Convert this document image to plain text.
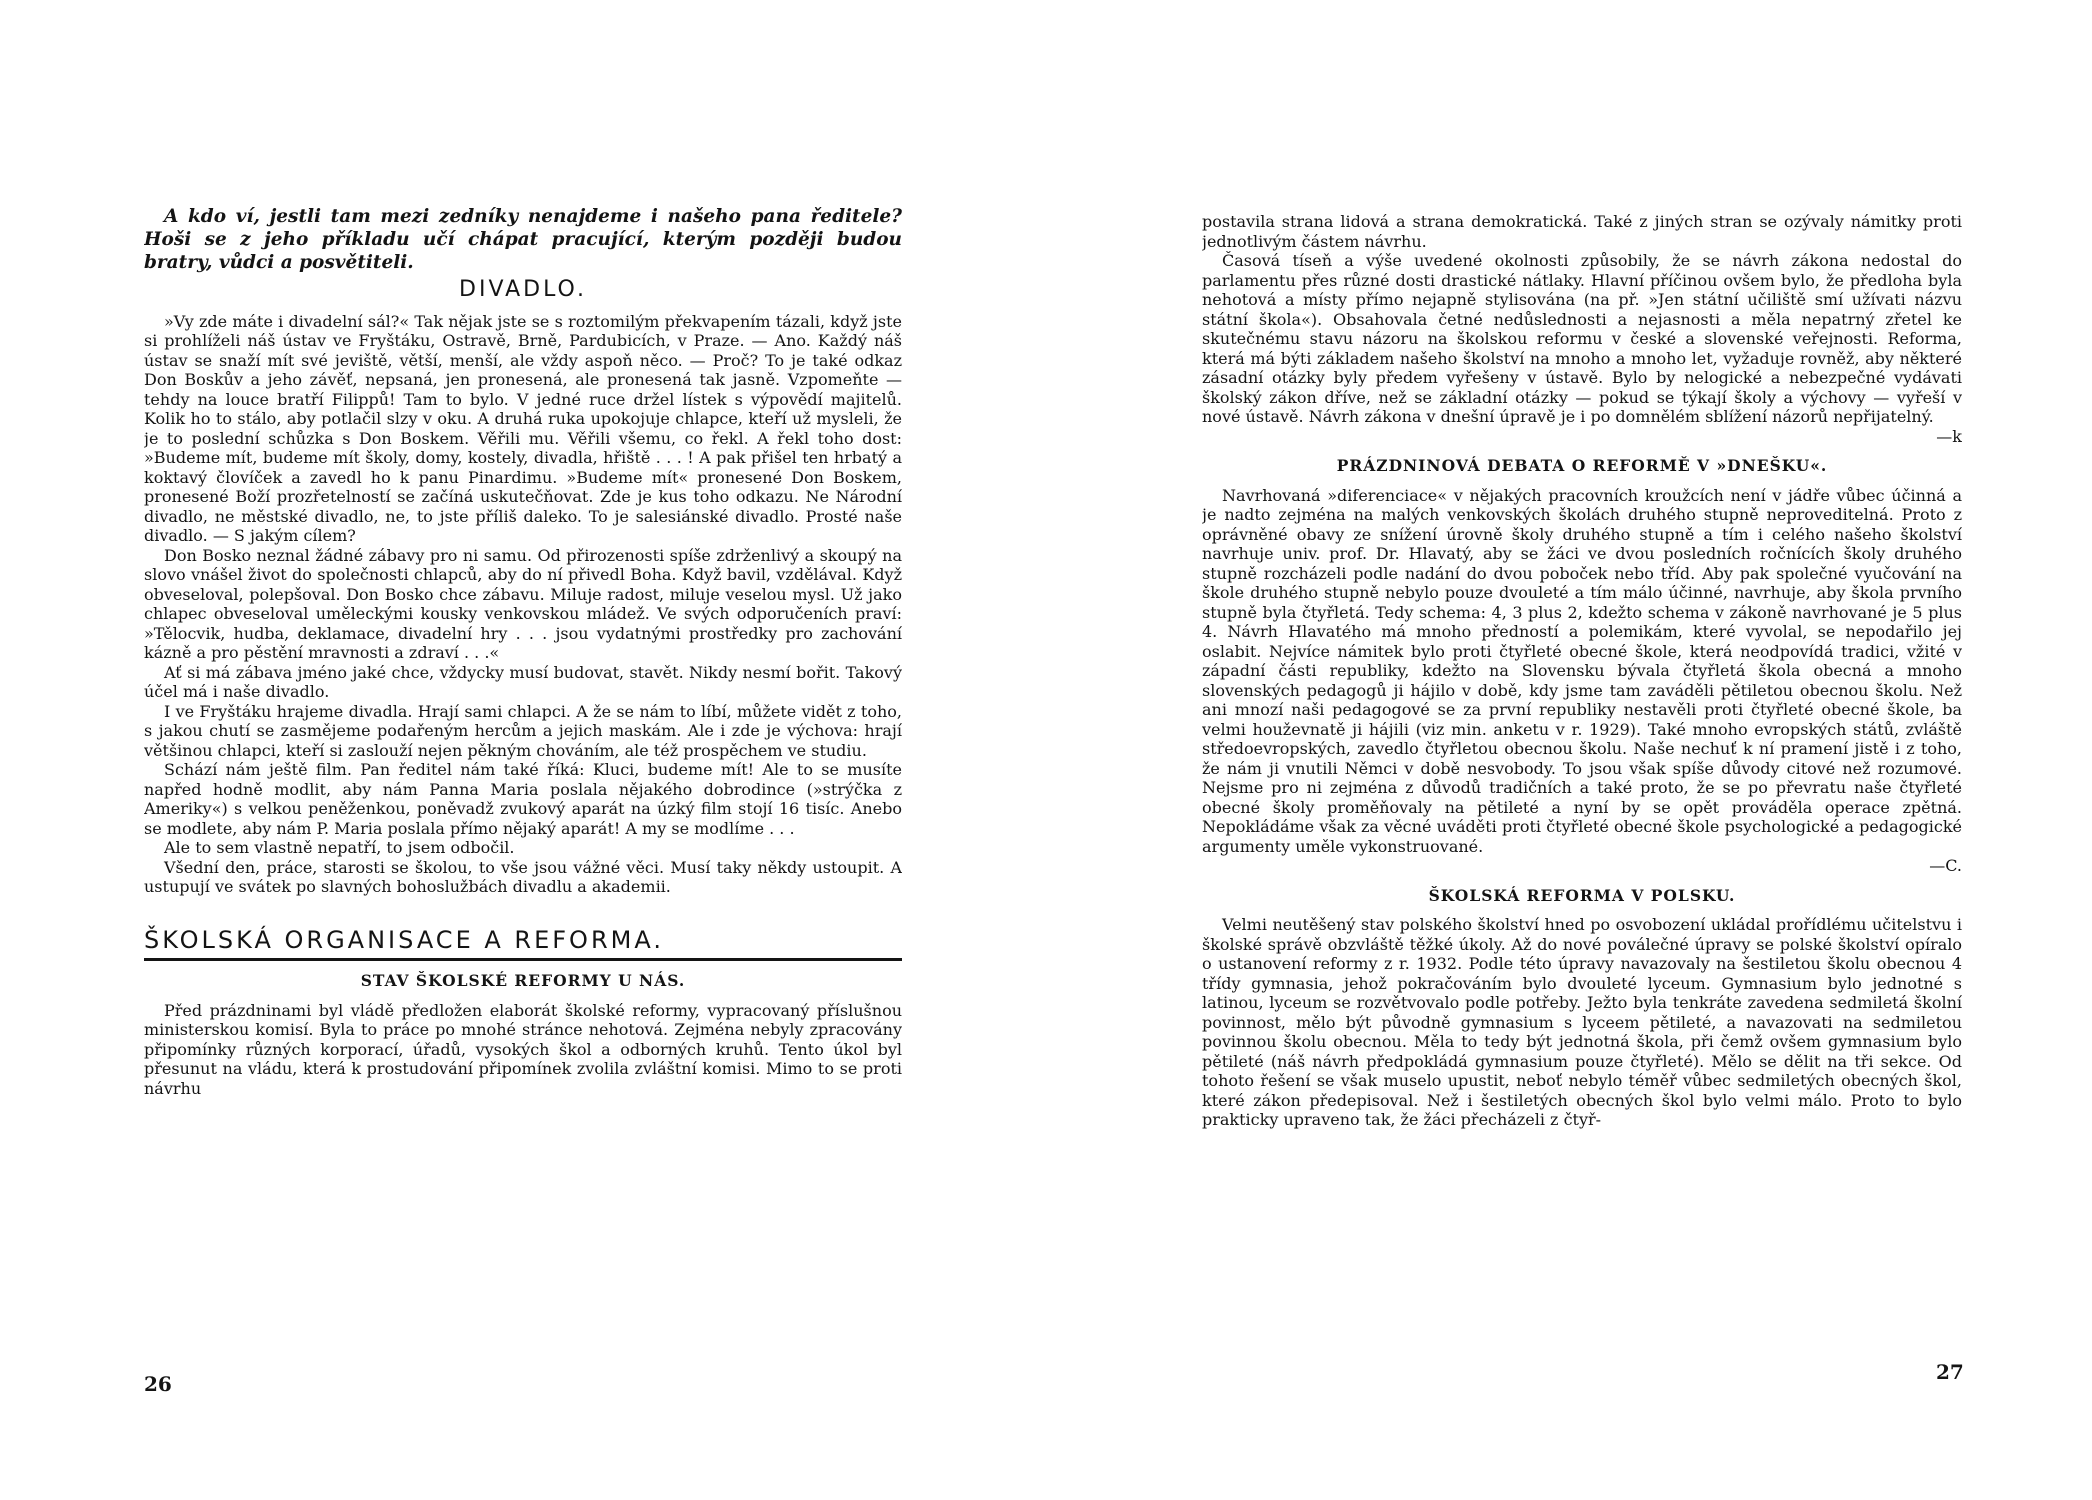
A kdo ví, jestli tam mezi zedníky nenajdeme i našeho pana ředitele? Hoši se z jeho příkladu učí chápat pracující, kterým později budou bratry, vůdci a posvětiteli.

DIVADLO.

»Vy zde máte i divadelní sál?« Tak nějak jste se s roztomilým překvapením tázali, když jste si prohlíželi náš ústav ve Fryštáku, Ostravě, Brně, Pardubicích, v Praze. — Ano. Každý náš ústav se snaží mít své jeviště, větší, menší, ale vždy aspoň něco. — Proč? To je také odkaz Don Boskův a jeho závěť, nepsaná, jen pronesená, ale pronesená tak jasně. Vzpomeňte — tehdy na louce bratří Filippů! Tam to bylo. V jedné ruce držel lístek s výpovědí majitelů. Kolik ho to stálo, aby potlačil slzy v oku. A druhá ruka upokojuje chlapce, kteří už mysleli, že je to poslední schůzka s Don Boskem. Věřili mu. Věřili všemu, co řekl. A řekl toho dost: »Budeme mít, budeme mít školy, domy, kostely, divadla, hřiště . . . ! A pak přišel ten hrbatý a koktavý človíček a zavedl ho k panu Pinardimu. »Budeme mít« pronesené Don Boskem, pronesené Boží prozřetelností se začíná uskutečňovat. Zde je kus toho odkazu. Ne Národní divadlo, ne městské divadlo, ne, to jste příliš daleko. To je salesiánské divadlo. Prosté naše divadlo. — S jakým cílem?

Don Bosko neznal žádné zábavy pro ni samu. Od přirozenosti spíše zdrženlivý a skoupý na slovo vnášel život do společnosti chlapců, aby do ní přivedl Boha. Když bavil, vzdělával. Když obveseloval, polepšoval. Don Bosko chce zábavu. Miluje radost, miluje veselou mysl. Už jako chlapec obveseloval uměleckými kousky venkovskou mládež. Ve svých odporučeních praví: »Tělocvik, hudba, deklamace, divadelní hry . . . jsou vydatnými prostředky pro zachování kázně a pro pěstění mravnosti a zdraví . . .«

Ať si má zábava jméno jaké chce, vždycky musí budovat, stavět. Nikdy nesmí bořit. Takový účel má i naše divadlo.

I ve Fryštáku hrajeme divadla. Hrají sami chlapci. A že se nám to líbí, můžete vidět z toho, s jakou chutí se zasmějeme podařeným hercům a jejich maskám. Ale i zde je výchova: hrají většinou chlapci, kteří si zaslouží nejen pěkným chováním, ale též prospěchem ve studiu.

Schází nám ještě film. Pan ředitel nám také říká: Kluci, budeme mít! Ale to se musíte napřed hodně modlit, aby nám Panna Maria poslala nějakého dobrodince (»strýčka z Ameriky«) s velkou peněženkou, poněvadž zvukový aparát na úzký film stojí 16 tisíc. Anebo se modlete, aby nám P. Maria poslala přímo nějaký aparát! A my se modlíme . . .

Ale to sem vlastně nepatří, to jsem odbočil.

Všední den, práce, starosti se školou, to vše jsou vážné věci. Musí taky někdy ustoupit. A ustupují ve svátek po slavných bohoslužbách divadlu a akademii.

ŠKOLSKÁ ORGANISACE A REFORMA.
STAV ŠKOLSKÉ REFORMY U NÁS.

Před prázdninami byl vládě předložen elaborát školské reformy, vypracovaný příslušnou ministerskou komisí. Byla to práce po mnohé stránce nehotová. Zejména nebyly zpracovány připomínky různých korporací, úřadů, vysokých škol a odborných kruhů. Tento úkol byl přesunut na vládu, která k prostudování připomínek zvolila zvláštní komisi. Mimo to se proti návrhu

26

postavila strana lidová a strana demokratická. Také z jiných stran se ozývaly námitky proti jednotlivým částem návrhu.

Časová tíseň a výše uvedené okolnosti způsobily, že se návrh zákona nedostal do parlamentu přes různé dosti drastické nátlaky. Hlavní příčinou ovšem bylo, že předloha byla nehotová a místy přímo nejapně stylisována (na př. »Jen státní učiliště smí užívati názvu státní škola«). Obsahovala četné nedůslednosti a nejasnosti a měla nepatrný zřetel ke skutečnému stavu názoru na školskou reformu v české a slovenské veřejnosti. Reforma, která má býti základem našeho školství na mnoho a mnoho let, vyžaduje rovněž, aby některé zásadní otázky byly předem vyřešeny v ústavě. Bylo by nelogické a nebezpečné vydávati školský zákon dříve, než se základní otázky — pokud se týkají školy a výchovy — vyřeší v nové ústavě. Návrh zákona v dnešní úpravě je i po domnělém sblížení názorů nepřijatelný.

—k

PRÁZDNINOVÁ DEBATA O REFORMĚ V »DNEŠKU«.

Navrhovaná »diferenciace« v nějakých pracovních kroužcích není v jádře vůbec účinná a je nadto zejména na malých venkovských školách druhého stupně neproveditelná. Proto z oprávněné obavy ze snížení úrovně školy druhého stupně a tím i celého našeho školství navrhuje univ. prof. Dr. Hlavatý, aby se žáci ve dvou posledních ročnících školy druhého stupně rozcházeli podle nadání do dvou poboček nebo tříd. Aby pak společné vyučování na škole druhého stupně nebylo pouze dvouleté a tím málo účinné, navrhuje, aby škola prvního stupně byla čtyřletá. Tedy schema: 4, 3 plus 2, kdežto schema v zákoně navrhované je 5 plus 4. Návrh Hlavatého má mnoho předností a polemikám, které vyvolal, se nepodařilo jej oslabit. Nejvíce námitek bylo proti čtyřleté obecné škole, která neodpovídá tradici, vžité v západní části republiky, kdežto na Slovensku bývala čtyřletá škola obecná a mnoho slovenských pedagogů ji hájilo v době, kdy jsme tam zaváděli pětiletou obecnou školu. Než ani mnozí naši pedagogové se za první republiky nestavěli proti čtyřleté obecné škole, ba velmi houževnatě ji hájili (viz min. anketu v r. 1929). Také mnoho evropských států, zvláště středoevropských, zavedlo čtyřletou obecnou školu. Naše nechuť k ní pramení jistě i z toho, že nám ji vnutili Němci v době nesvobody. To jsou však spíše důvody citové než rozumové. Nejsme pro ni zejména z důvodů tradičních a také proto, že se po převratu naše čtyřleté obecné školy proměňovaly na pětileté a nyní by se opět prováděla operace zpětná. Nepokládáme však za věcné uváděti proti čtyřleté obecné škole psychologické a pedagogické argumenty uměle vykonstruované.

—C.

ŠKOLSKÁ REFORMA V POLSKU.

Velmi neutěšený stav polského školství hned po osvobození ukládal prořídlému učitelstvu i školské správě obzvláště těžké úkoly. Až do nové poválečné úpravy se polské školství opíralo o ustanovení reformy z r. 1932. Podle této úpravy navazovaly na šestiletou školu obecnou 4 třídy gymnasia, jehož pokračováním bylo dvouleté lyceum. Gymnasium bylo jednotné s latinou, lyceum se rozvětvovalo podle potřeby. Ježto byla tenkráte zavedena sedmiletá školní povinnost, mělo být původně gymnasium s lyceem pětileté, a navazovati na sedmiletou povinnou školu obecnou. Měla to tedy být jednotná škola, při čemž ovšem gymnasium bylo pětileté (náš návrh předpokládá gymnasium pouze čtyřleté). Mělo se dělit na tři sekce. Od tohoto řešení se však muselo upustit, neboť nebylo téměř vůbec sedmiletých obecných škol, které zákon předepisoval. Než i šestiletých obecných škol bylo velmi málo. Proto to bylo prakticky upraveno tak, že žáci přecházeli z čtyř-

27
